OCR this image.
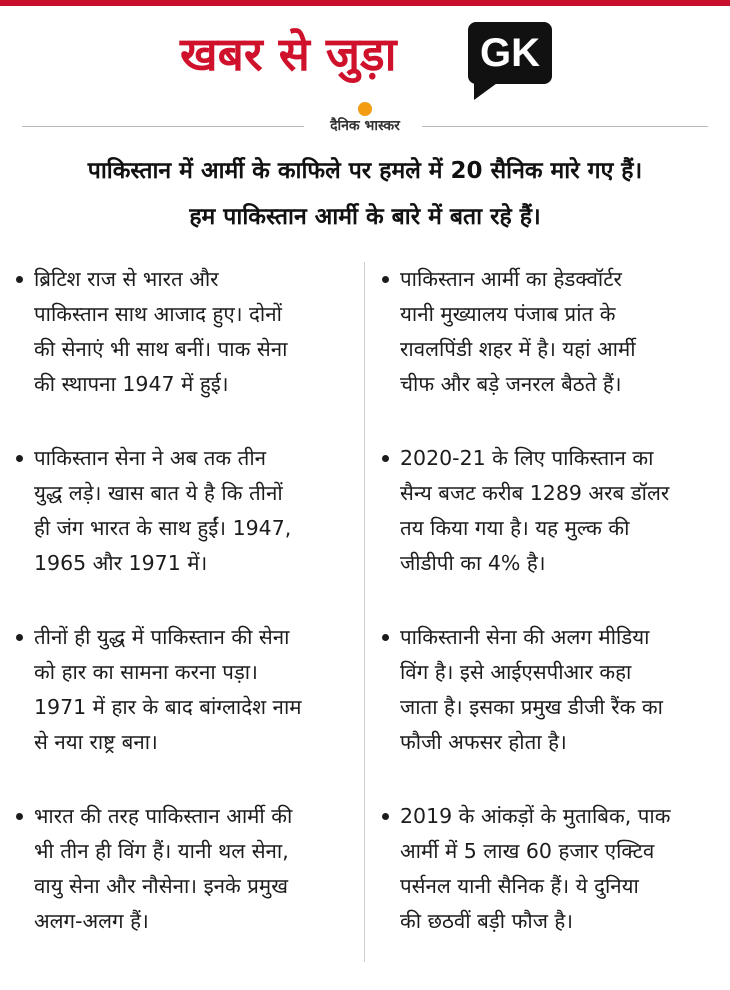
खबर से जुड़ा	GK
दैनिक भास्कर
पाकिस्तान में आर्मी के काफिले पर हमले में 20 सैनिक मारे गए हैं।
हम पाकिस्तान आर्मी के बारे में बता रहे हैं।
ब्रिटिश राज से भारत और
पाकिस्तान साथ आजाद हुए। दोनों
की सेनाएं भी साथ बनीं। पाक सेना
की स्थापना 1947 में हुई।
पाकिस्तान सेना ने अब तक तीन
युद्ध लड़े। खास बात ये है कि तीनों
ही जंग भारत के साथ हुईं। 1947,
1965 और 1971 में।
तीनों ही युद्ध में पाकिस्तान की सेना
को हार का सामना करना पड़ा।
1971 में हार के बाद बांग्लादेश नाम
से नया राष्ट्र बना।
भारत की तरह पाकिस्तान आर्मी की
भी तीन ही विंग हैं। यानी थल सेना,
वायु सेना और नौसेना। इनके प्रमुख
अलग-अलग हैं।
पाकिस्तान आर्मी का हेडक्वॉर्टर
यानी मुख्यालय पंजाब प्रांत के
रावलपिंडी शहर में है। यहां आर्मी
चीफ और बड़े जनरल बैठते हैं।
2020-21 के लिए पाकिस्तान का
सैन्य बजट करीब 1289 अरब डॉलर
तय किया गया है। यह मुल्क की
जीडीपी का 4% है।
पाकिस्तानी सेना की अलग मीडिया
विंग है। इसे आईएसपीआर कहा
जाता है। इसका प्रमुख डीजी रैंक का
फौजी अफसर होता है।
2019 के आंकड़ों के मुताबिक, पाक
आर्मी में 5 लाख 60 हजार एक्टिव
पर्सनल यानी सैनिक हैं। ये दुनिया
की छठवीं बड़ी फौज है।
